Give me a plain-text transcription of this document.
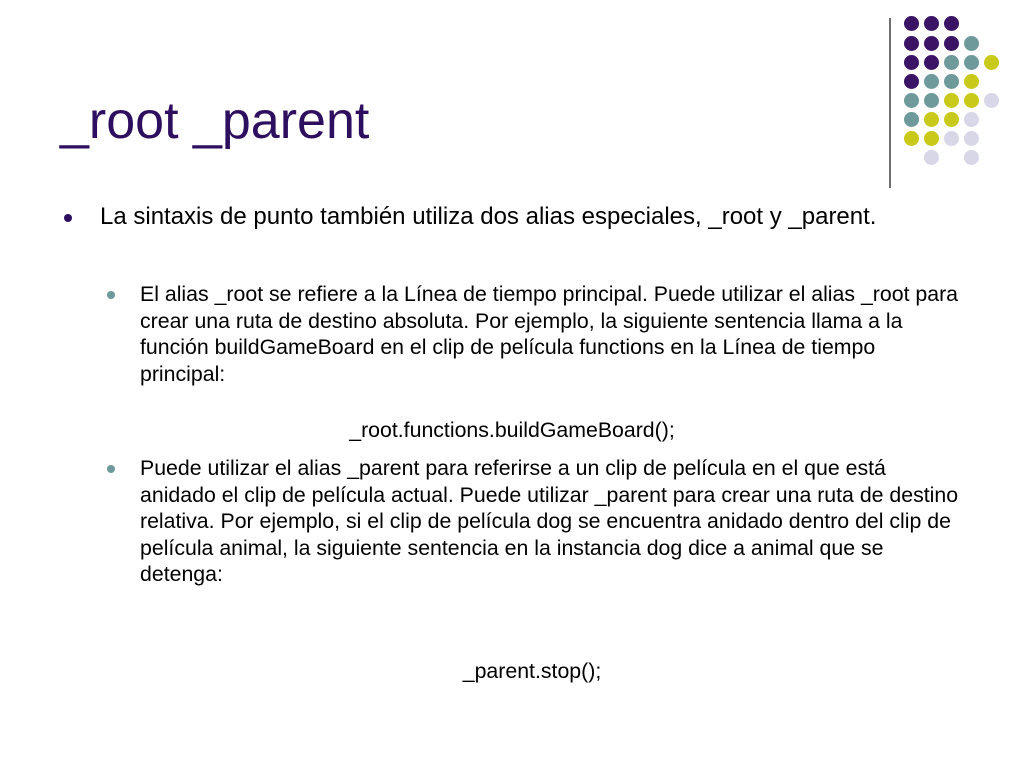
_root _parent
La sintaxis de punto también utiliza dos alias especiales, _root y _parent.
El alias _root se refiere a la Línea de tiempo principal. Puede utilizar el alias _root para crear una ruta de destino absoluta. Por ejemplo, la siguiente sentencia llama a la función buildGameBoard en el clip de película functions en la Línea de tiempo principal:
_root.functions.buildGameBoard();
Puede utilizar el alias _parent para referirse a un clip de película en el que está anidado el clip de película actual. Puede utilizar _parent para crear una ruta de destino relativa. Por ejemplo, si el clip de película dog se encuentra anidado dentro del clip de película animal, la siguiente sentencia en la instancia dog dice a animal que se detenga:
_parent.stop();
